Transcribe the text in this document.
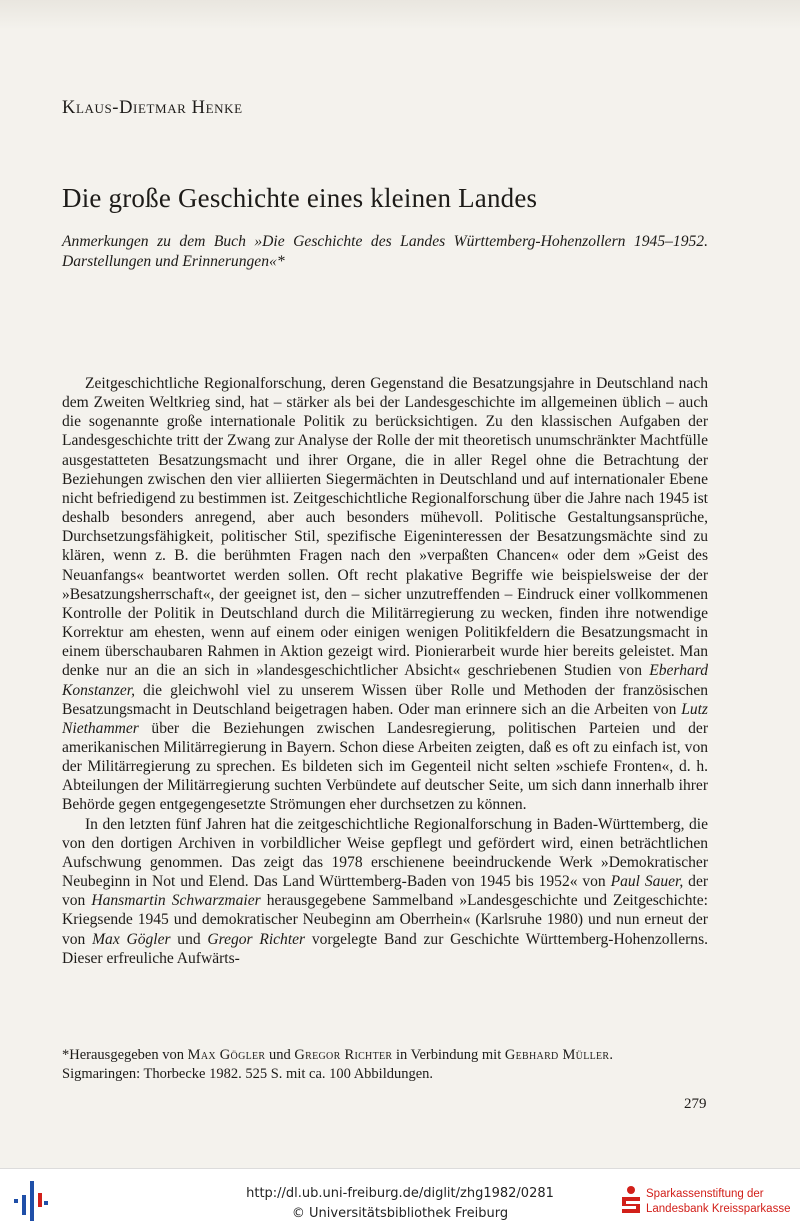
Klaus-Dietmar Henke
Die große Geschichte eines kleinen Landes
Anmerkungen zu dem Buch »Die Geschichte des Landes Württemberg-Hohenzollern 1945–1952. Darstellungen und Erinnerungen«*

Zeitgeschichtliche Regionalforschung, deren Gegenstand die Besatzungsjahre in Deutschland nach dem Zweiten Weltkrieg sind, hat – stärker als bei der Landesgeschichte im allgemeinen üblich – auch die sogenannte große internationale Politik zu berücksichtigen. Zu den klassischen Aufgaben der Landesgeschichte tritt der Zwang zur Analyse der Rolle der mit theoretisch unumschränkter Machtfülle ausgestatteten Besatzungsmacht und ihrer Organe, die in aller Regel ohne die Betrachtung der Beziehungen zwischen den vier alliierten Siegermächten in Deutschland und auf internationaler Ebene nicht befriedigend zu bestimmen ist. Zeitgeschichtliche Regionalforschung über die Jahre nach 1945 ist deshalb besonders anregend, aber auch besonders mühevoll. Politische Gestaltungsansprüche, Durchsetzungsfähigkeit, politischer Stil, spezifische Eigeninteressen der Besatzungsmächte sind zu klären, wenn z. B. die berühmten Fragen nach den »verpaßten Chancen« oder dem »Geist des Neuanfangs« beantwortet werden sollen. Oft recht plakative Begriffe wie beispielsweise der der »Besatzungsherrschaft«, der geeignet ist, den – sicher unzutreffenden – Eindruck einer vollkommenen Kontrolle der Politik in Deutschland durch die Militärregierung zu wecken, finden ihre notwendige Korrektur am ehesten, wenn auf einem oder einigen wenigen Politikfeldern die Besatzungsmacht in einem überschaubaren Rahmen in Aktion gezeigt wird. Pionierarbeit wurde hier bereits geleistet. Man denke nur an die an sich in »landesgeschichtlicher Absicht« geschriebenen Studien von Eberhard Konstanzer, die gleichwohl viel zu unserem Wissen über Rolle und Methoden der französischen Besatzungsmacht in Deutschland beigetragen haben. Oder man erinnere sich an die Arbeiten von Lutz Niethammer über die Beziehungen zwischen Landesregierung, politischen Parteien und der amerikanischen Militärregierung in Bayern. Schon diese Arbeiten zeigten, daß es oft zu einfach ist, von der Militärregierung zu sprechen. Es bildeten sich im Gegenteil nicht selten »schiefe Fronten«, d. h. Abteilungen der Militärregierung suchten Verbündete auf deutscher Seite, um sich dann innerhalb ihrer Behörde gegen entgegengesetzte Strömungen eher durchsetzen zu können.

In den letzten fünf Jahren hat die zeitgeschichtliche Regionalforschung in Baden-Württemberg, die von den dortigen Archiven in vorbildlicher Weise gepflegt und gefördert wird, einen beträchtlichen Aufschwung genommen. Das zeigt das 1978 erschienene beeindruckende Werk »Demokratischer Neubeginn in Not und Elend. Das Land Württemberg-Baden von 1945 bis 1952« von Paul Sauer, der von Hansmartin Schwarzmaier herausgegebene Sammelband »Landesgeschichte und Zeitgeschichte: Kriegsende 1945 und demokratischer Neubeginn am Oberrhein« (Karlsruhe 1980) und nun erneut der von Max Gögler und Gregor Richter vorgelegte Band zur Geschichte Württemberg-Hohenzollerns. Dieser erfreuliche Aufwärts-

*Herausgegeben von Max Gögler und Gregor Richter in Verbindung mit Gebhard Müller.
Sigmaringen: Thorbecke 1982. 525 S. mit ca. 100 Abbildungen.
279
http://dl.ub.uni-freiburg.de/diglit/zhg1982/0281
© Universitätsbibliothek Freiburg
Sparkassenstiftung der
Landesbank Kreissparkasse
